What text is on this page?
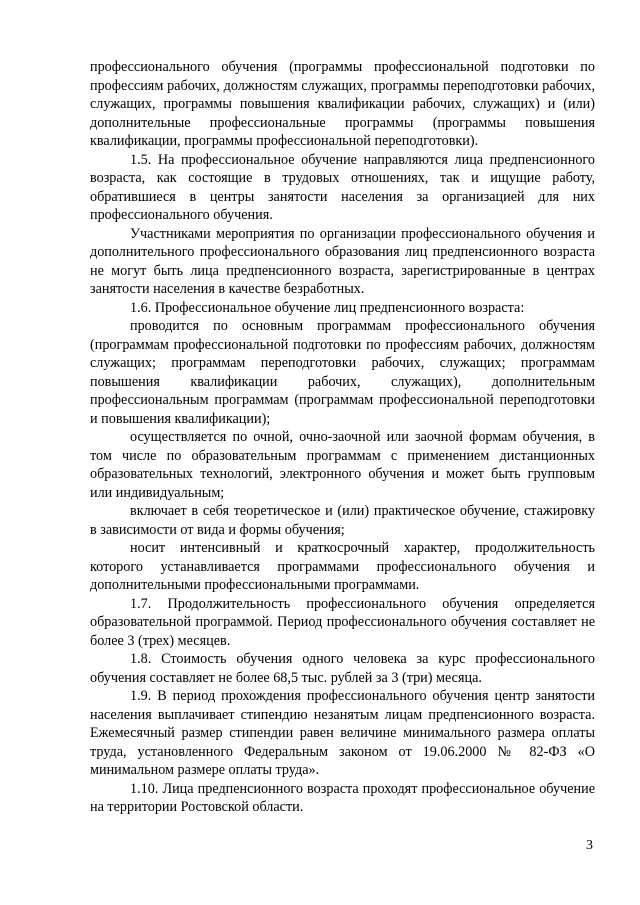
профессионального обучения (программы профессиональной подготовки по профессиям рабочих, должностям служащих, программы переподготовки рабочих, служащих, программы повышения квалификации рабочих, служащих) и (или) дополнительные профессиональные программы (программы повышения квалификации, программы профессиональной переподготовки).

1.5. На профессиональное обучение направляются лица предпенсионного возраста, как состоящие в трудовых отношениях, так и ищущие работу, обратившиеся в центры занятости населения за организацией для них профессионального обучения.

Участниками мероприятия по организации профессионального обучения и дополнительного профессионального образования лиц предпенсионного возраста не могут быть лица предпенсионного возраста, зарегистрированные в центрах занятости населения в качестве безработных.

1.6. Профессиональное обучение лиц предпенсионного возраста:

проводится по основным программам профессионального обучения (программам профессиональной подготовки по профессиям рабочих, должностям служащих; программам переподготовки рабочих, служащих; программам повышения квалификации рабочих, служащих), дополнительным профессиональным программам (программам профессиональной переподготовки и повышения квалификации);

осуществляется по очной, очно-заочной или заочной формам обучения, в том числе по образовательным программам с применением дистанционных образовательных технологий, электронного обучения и может быть групповым или индивидуальным;

включает в себя теоретическое и (или) практическое обучение, стажировку в зависимости от вида и формы обучения;

носит интенсивный и краткосрочный характер, продолжительность которого устанавливается программами профессионального обучения и дополнительными профессиональными программами.

1.7. Продолжительность профессионального обучения определяется образовательной программой. Период профессионального обучения составляет не более 3 (трех) месяцев.

1.8. Стоимость обучения одного человека за курс профессионального обучения составляет не более 68,5 тыс. рублей за 3 (три) месяца.

1.9. В период прохождения профессионального обучения центр занятости населения выплачивает стипендию незанятым лицам предпенсионного возраста. Ежемесячный размер стипендии равен величине минимального размера оплаты труда, установленного Федеральным законом от 19.06.2000 № 82-ФЗ «О минимальном размере оплаты труда».

1.10. Лица предпенсионного возраста проходят профессиональное обучение на территории Ростовской области.

3
